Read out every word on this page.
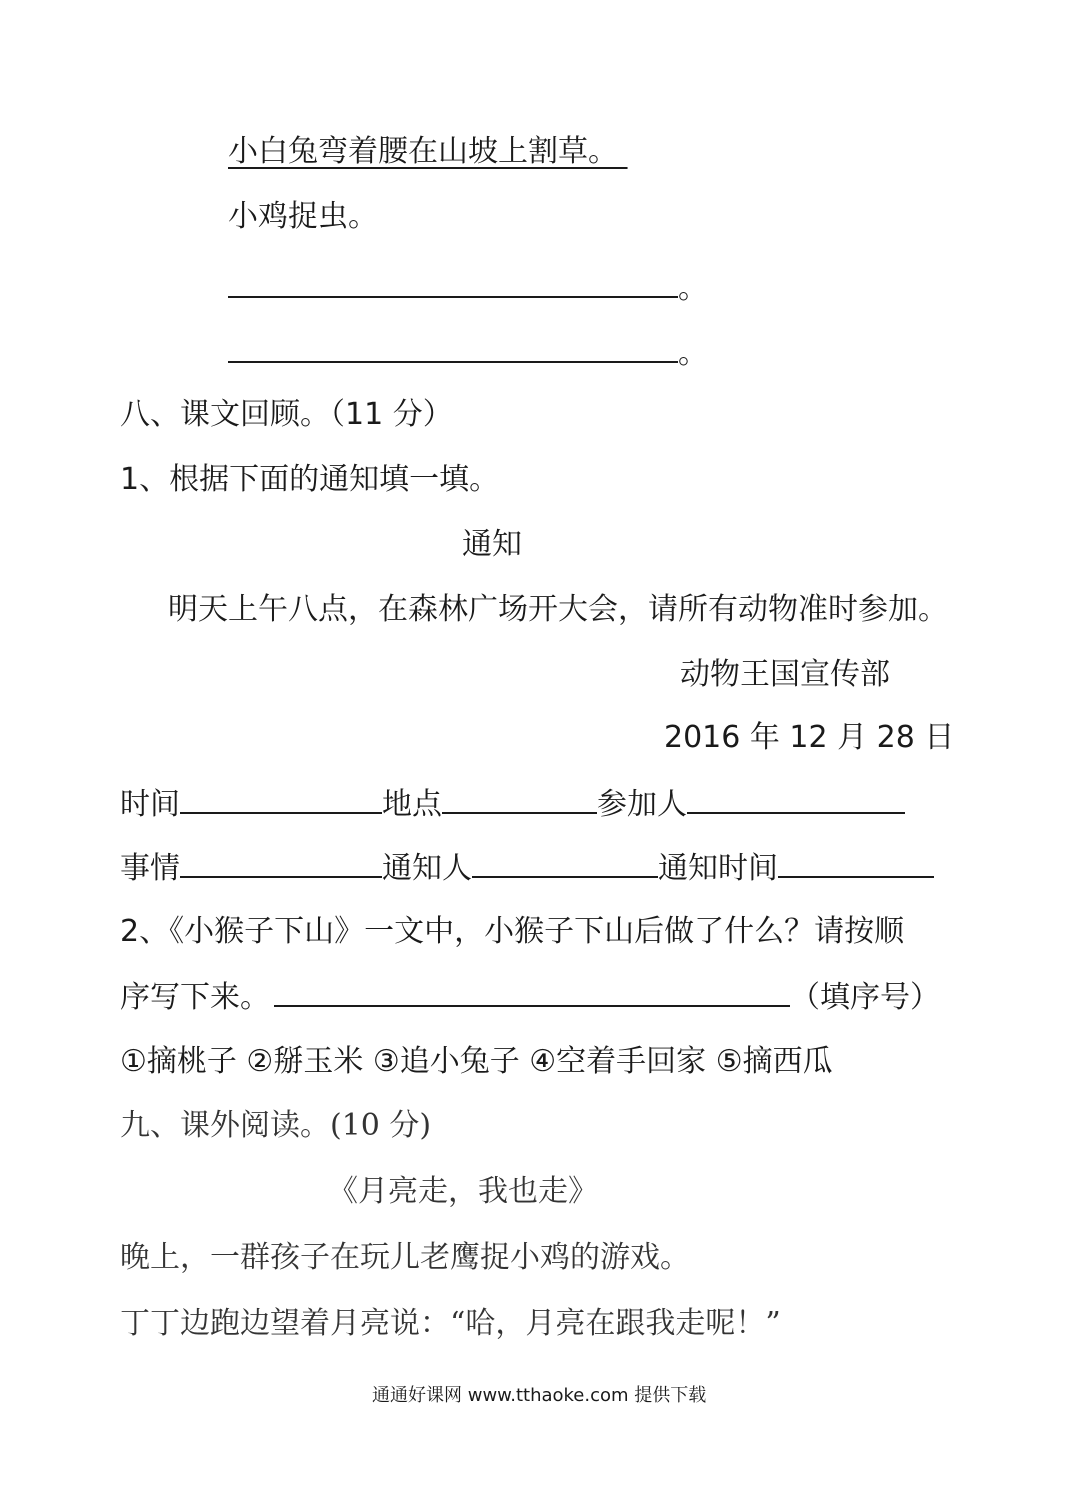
小白兔弯着腰在山坡上割草。
小鸡捉虫。
。
。
八、课文回顾。（11 分）
1、根据下面的通知填一填。
通知
明天上午八点，在森林广场开大会，请所有动物准时参加。
动物王国宣传部
2016 年 12 月 28 日
时间	地点	参加人
事情	通知人	通知时间
2、《小猴子下山》一文中，小猴子下山后做了什么？请按顺
序写下来。	（填序号）
①摘桃子 ②掰玉米 ③追小兔子 ④空着手回家 ⑤摘西瓜
九、课外阅读。(10 分)
《月亮走，我也走》
晚上，一群孩子在玩儿老鹰捉小鸡的游戏。
丁丁边跑边望着月亮说：“哈，月亮在跟我走呢！”
通通好课网 www.tthaoke.com 提供下载
